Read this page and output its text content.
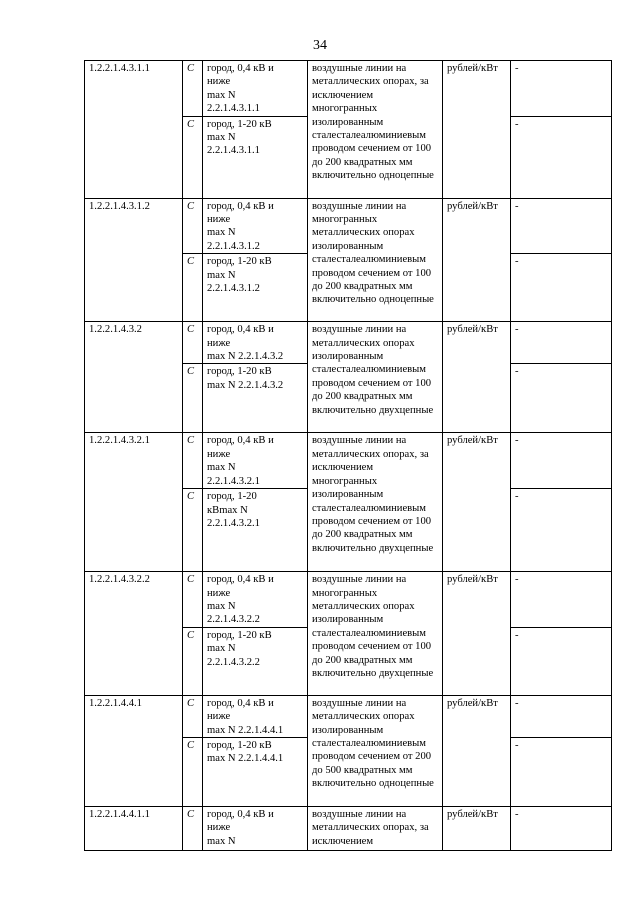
34
1.2.2.1.4.3.1.1	С	город, 0,4 кВ и
ниже
max N
2.2.1.4.3.1.1	воздушные линии на металлических опорах, за исключением многогранных изолированным сталесталеалюминиевым проводом сечением от 100 до 200 квадратных мм включительно одноцепные	рублей/кВт	-
	С	город, 1-20 кВ
max N
2.2.1.4.3.1.1			-
1.2.2.1.4.3.1.2	С	город, 0,4 кВ и
ниже
max N
2.2.1.4.3.1.2	воздушные линии на многогранных металлических опорах изолированным сталесталеалюминиевым проводом сечением от 100 до 200 квадратных мм включительно одноцепные	рублей/кВт	-
	С	город, 1-20 кВ
max N
2.2.1.4.3.1.2			-
1.2.2.1.4.3.2	С	город, 0,4 кВ и
ниже
max N 2.2.1.4.3.2	воздушные линии на металлических опорах изолированным сталесталеалюминиевым проводом сечением от 100 до 200 квадратных мм включительно двухцепные	рублей/кВт	-
	С	город, 1-20 кВ
max N 2.2.1.4.3.2			-
1.2.2.1.4.3.2.1	С	город, 0,4 кВ и
ниже
max N
2.2.1.4.3.2.1	воздушные линии на металлических опорах, за исключением многогранных изолированным сталесталеалюминиевым проводом сечением от 100 до 200 квадратных мм включительно двухцепные	рублей/кВт	-
	С	город, 1-20
кВmax N
2.2.1.4.3.2.1			-
1.2.2.1.4.3.2.2	С	город, 0,4 кВ и
ниже
max N
2.2.1.4.3.2.2	воздушные линии на многогранных металлических опорах изолированным сталесталеалюминиевым проводом сечением от 100 до 200 квадратных мм включительно двухцепные	рублей/кВт	-
	С	город, 1-20 кВ
max N
2.2.1.4.3.2.2			-
1.2.2.1.4.4.1	С	город, 0,4 кВ и
ниже
max N 2.2.1.4.4.1	воздушные линии на металлических опорах изолированным сталесталеалюминиевым проводом сечением от 200 до 500 квадратных мм включительно одноцепные	рублей/кВт	-
	С	город, 1-20 кВ
max N 2.2.1.4.4.1			-
1.2.2.1.4.4.1.1	С	город, 0,4 кВ и
ниже
max N	воздушные линии на металлических опорах, за исключением	рублей/кВт	-
